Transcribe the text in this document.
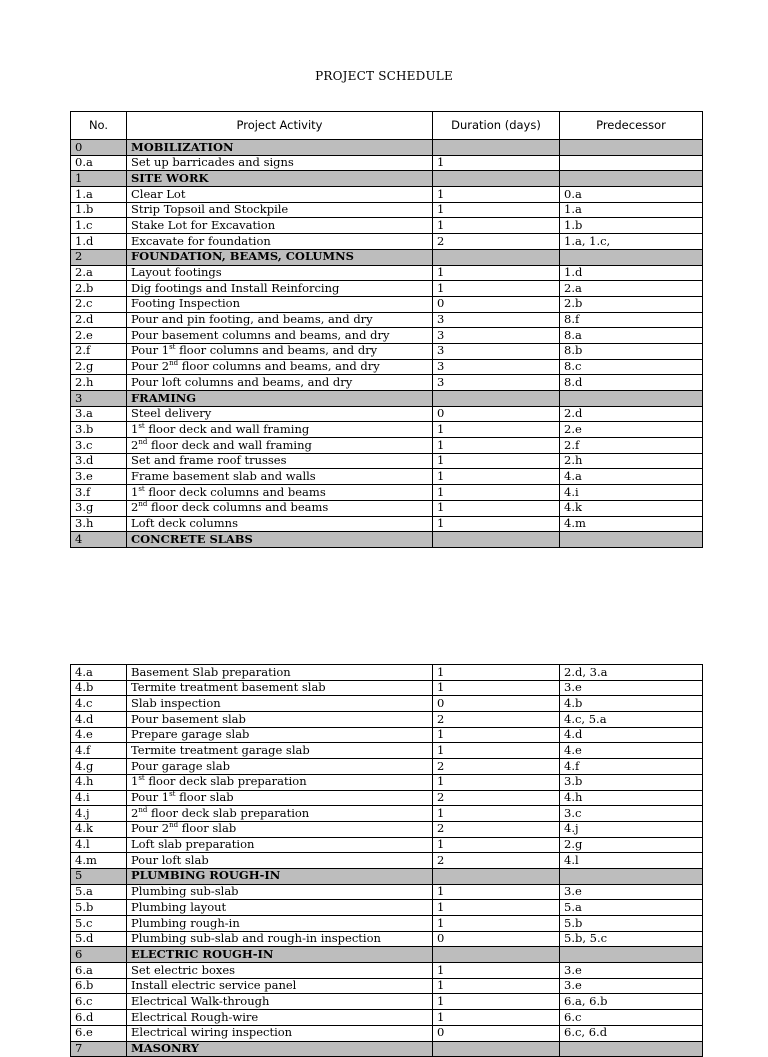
PROJECT SCHEDULE
No.	Project Activity	Duration (days)	Predecessor
0	MOBILIZATION		
0.a	Set up barricades and signs	1	
1	SITE WORK		
1.a	Clear Lot	1	0.a
1.b	Strip Topsoil and Stockpile	1	1.a
1.c	Stake Lot for Excavation	1	1.b
1.d	Excavate for foundation	2	1.a, 1.c,
2	FOUNDATION, BEAMS, COLUMNS		
2.a	Layout footings	1	1.d
2.b	Dig footings and Install Reinforcing	1	2.a
2.c	Footing Inspection	0	2.b
2.d	Pour and pin footing, and beams, and dry	3	8.f
2.e	Pour basement columns and beams, and dry	3	8.a
2.f	Pour 1st floor columns and beams, and dry	3	8.b
2.g	Pour 2nd floor columns and beams, and dry	3	8.c
2.h	Pour loft columns and beams, and dry	3	8.d
3	FRAMING		
3.a	Steel delivery	0	2.d
3.b	1st floor deck and wall framing	1	2.e
3.c	2nd floor deck and wall framing	1	2.f
3.d	Set and frame roof trusses	1	2.h
3.e	Frame basement slab and walls	1	4.a
3.f	1st floor deck columns and beams	1	4.i
3.g	2nd floor deck columns and beams	1	4.k
3.h	Loft deck columns	1	4.m
4	CONCRETE SLABS		
4.a	Basement Slab preparation	1	2.d, 3.a
4.b	Termite treatment basement slab	1	3.e
4.c	Slab inspection	0	4.b
4.d	Pour basement slab	2	4.c, 5.a
4.e	Prepare garage slab	1	4.d
4.f	Termite treatment garage slab	1	4.e
4.g	Pour garage slab	2	4.f
4.h	1st floor deck slab preparation	1	3.b
4.i	Pour 1st floor slab	2	4.h
4.j	2nd floor deck slab preparation	1	3.c
4.k	Pour 2nd floor slab	2	4.j
4.l	Loft slab preparation	1	2.g
4.m	Pour loft slab	2	4.l
5	PLUMBING ROUGH-IN		
5.a	Plumbing sub-slab	1	3.e
5.b	Plumbing layout	1	5.a
5.c	Plumbing rough-in	1	5.b
5.d	Plumbing sub-slab and rough-in inspection	0	5.b, 5.c
6	ELECTRIC ROUGH-IN		
6.a	Set electric boxes	1	3.e
6.b	Install electric service panel	1	3.e
6.c	Electrical Walk-through	1	6.a, 6.b
6.d	Electrical Rough-wire	1	6.c
6.e	Electrical wiring inspection	0	6.c, 6.d
7	MASONRY		
